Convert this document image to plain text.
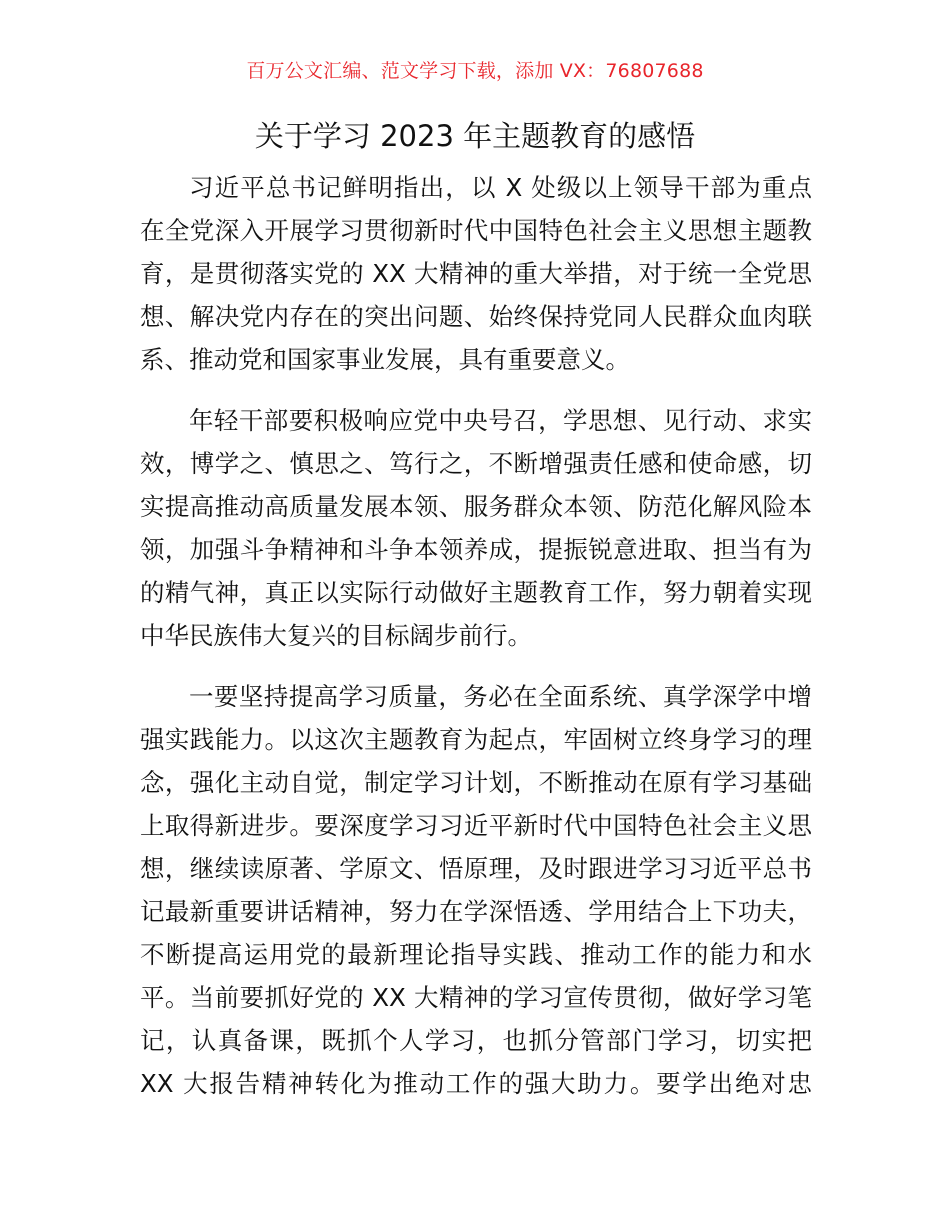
百万公文汇编、范文学习下载，添加 VX：76807688
关于学习 2023 年主题教育的感悟
习近平总书记鲜明指出，以 X 处级以上领导干部为重点
在全党深入开展学习贯彻新时代中国特色社会主义思想主题教
育，是贯彻落实党的 XX 大精神的重大举措，对于统一全党思
想、解决党内存在的突出问题、始终保持党同人民群众血肉联
系、推动党和国家事业发展，具有重要意义。
年轻干部要积极响应党中央号召，学思想、见行动、求实
效，博学之、慎思之、笃行之，不断增强责任感和使命感，切
实提高推动高质量发展本领、服务群众本领、防范化解风险本
领，加强斗争精神和斗争本领养成，提振锐意进取、担当有为
的精气神，真正以实际行动做好主题教育工作，努力朝着实现
中华民族伟大复兴的目标阔步前行。
一要坚持提高学习质量，务必在全面系统、真学深学中增
强实践能力。以这次主题教育为起点，牢固树立终身学习的理
念，强化主动自觉，制定学习计划，不断推动在原有学习基础
上取得新进步。要深度学习习近平新时代中国特色社会主义思
想，继续读原著、学原文、悟原理，及时跟进学习习近平总书
记最新重要讲话精神，努力在学深悟透、学用结合上下功夫，
不断提高运用党的最新理论指导实践、推动工作的能力和水
平。当前要抓好党的 XX 大精神的学习宣传贯彻，做好学习笔
记，认真备课，既抓个人学习，也抓分管部门学习，切实把
XX 大报告精神转化为推动工作的强大助力。要学出绝对忠
